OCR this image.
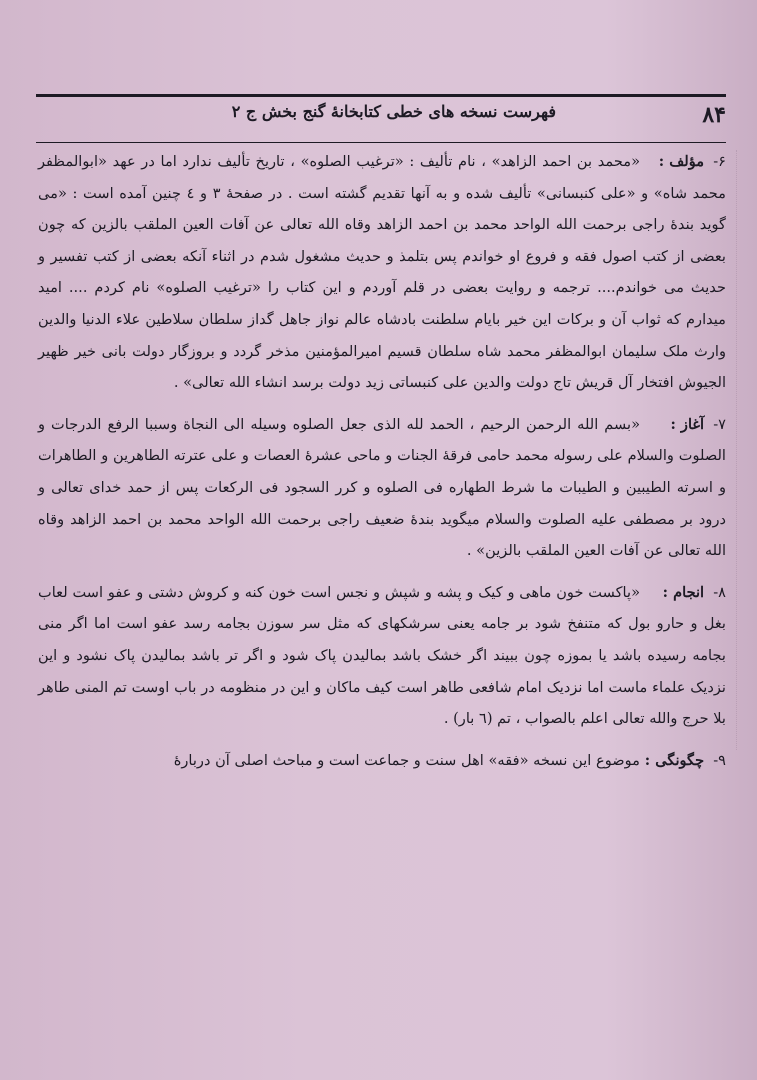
۸۴
فهرست نسخه های خطی کتابخانهٔ گنج بخش ج ۲
۶- مؤلف :
«محمد بن احمد الزاهد» ، نام تألیف : «ترغیب الصلوه» ، تاریخ تألیف ندارد اما در عهد «ابوالمظفر محمد شاه» و «علی کنبسانی» تألیف شده و به آنها تقدیم گشته است . در صفحهٔ ۳ و ٤ چنین آمده است : «می گوید بندهٔ راجی برحمت الله الواحد محمد بن احمد الزاهد وقاه الله تعالی عن آفات العین الملقب بالزین که چون بعضی از کتب اصول فقه و فروع او خواندم پس بتلمذ و حدیث مشغول شدم در اثناء آنکه بعضی از کتب تفسیر و حدیث می خواندم.... ترجمه و روایت بعضی در قلم آوردم و این کتاب را «ترغیب الصلوه» نام کردم .... امید میدارم که ثواب آن و برکات این خیر بایام سلطنت بادشاه عالم نواز جاهل گداز سلطان سلاطین علاء الدنیا والدین وارث ملک سلیمان ابوالمظفر محمد شاه سلطان قسیم امیرالمؤمنین مذخر گردد و بروزگار دولت بانی خیر ظهیر الجیوش افتخار آل قریش تاج دولت والدین علی کنبساتی زید دولت برسد انشاء الله تعالی» .
۷- آغاز :
«بسم الله الرحمن الرحیم ، الحمد لله الذی جعل الصلوه وسیله الی النجاة وسببا الرفع الدرجات و الصلوت والسلام علی رسوله محمد حامی فرقهٔ الجنات و ماحی عشرهٔ العصات و علی عترته الطاهرین و الطاهرات و اسرته الطیبین و الطیبات ما شرط الطهاره فی الصلوه و کرر السجود فی الرکعات پس از حمد خدای تعالی و درود بر مصطفی علیه الصلوت والسلام میگوید بندهٔ ضعیف راجی برحمت الله الواحد محمد بن احمد الزاهد وقاه الله تعالی عن آفات العین الملقب بالزین» .
۸- انجام :
«پاکست خون ماهی و کیک و پشه و شپش و نجس است خون کنه و کروش دشتی و عفو است لعاب بغل و حارو بول که متنفخ شود بر جامه یعنی سرشکهای که مثل سر سوزن بجامه رسد عفو است اما اگر منی بجامه رسیده باشد یا بموزه چون ببیند اگر خشک باشد بمالیدن پاک شود و اگر تر باشد بمالیدن پاک نشود و این نزدیک علماء ماست اما نزدیک امام شافعی طاهر است کیف ماکان و این در منظومه در باب اوست تم المنی طاهر بلا حرج والله تعالی اعلم بالصواب ، تم (٦ بار) .
۹- چگونگی :
موضوع این نسخه «فقه» اهل سنت و جماعت است و مباحث اصلی آن دربارهٔ
